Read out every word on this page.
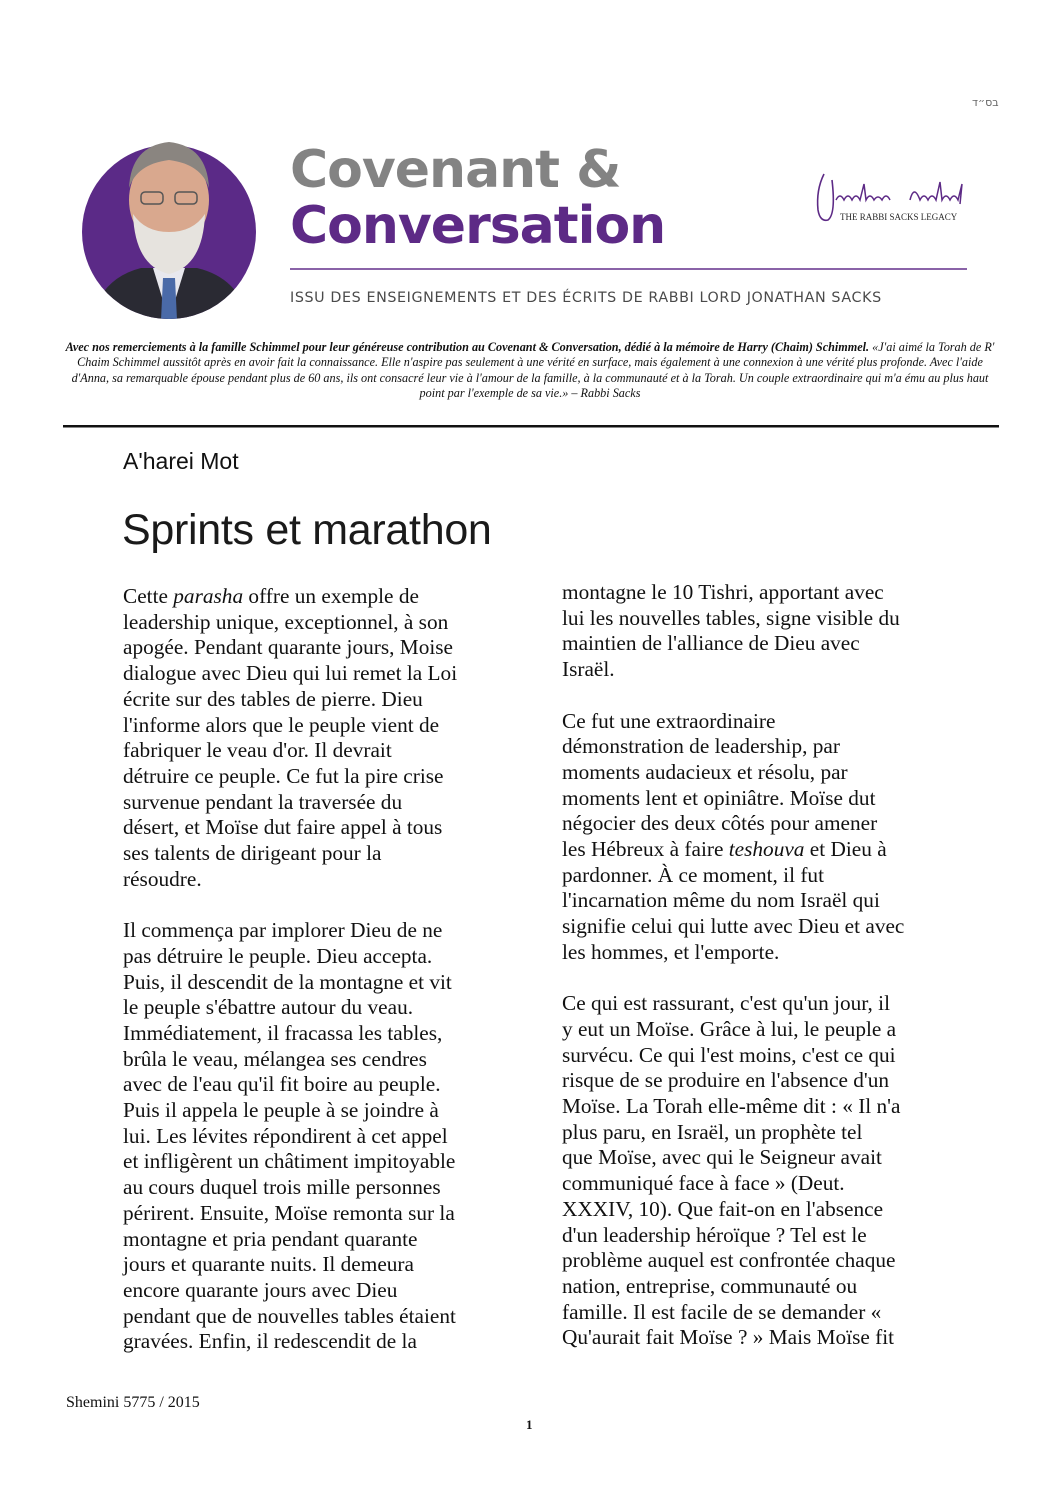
בס״ד
Covenant &
Conversation
ISSU DES ENSEIGNEMENTS ET DES ÉCRITS DE RABBI LORD JONATHAN SACKS
THE RABBI SACKS LEGACY
Avec nos remerciements à la famille Schimmel pour leur généreuse contribution au Covenant & Conversation, dédié à la mémoire de Harry (Chaim) Schimmel. «J'ai aimé la Torah de R' Chaim Schimmel aussitôt après en avoir fait la connaissance. Elle n'aspire pas seulement à une vérité en surface, mais également à une connexion à une vérité plus profonde. Avec l'aide d'Anna, sa remarquable épouse pendant plus de 60 ans, ils ont consacré leur vie à l'amour de la famille, à la communauté et à la Torah. Un couple extraordinaire qui m'a ému au plus haut point par l'exemple de sa vie.» – Rabbi Sacks
A'harei Mot
Sprints et marathon

Cette parasha offre un exemple de
leadership unique, exceptionnel, à son
apogée. Pendant quarante jours, Moise
dialogue avec Dieu qui lui remet la Loi
écrite sur des tables de pierre. Dieu
l'informe alors que le peuple vient de
fabriquer le veau d'or. Il devrait
détruire ce peuple. Ce fut la pire crise
survenue pendant la traversée du
désert, et Moïse dut faire appel à tous
ses talents de dirigeant pour la
résoudre.

Il commença par implorer Dieu de ne
pas détruire le peuple. Dieu accepta.
Puis, il descendit de la montagne et vit
le peuple s'ébattre autour du veau.
Immédiatement, il fracassa les tables,
brûla le veau, mélangea ses cendres
avec de l'eau qu'il fit boire au peuple.
Puis il appela le peuple à se joindre à
lui. Les lévites répondirent à cet appel
et infligèrent un châtiment impitoyable
au cours duquel trois mille personnes
périrent. Ensuite, Moïse remonta sur la
montagne et pria pendant quarante
jours et quarante nuits. Il demeura
encore quarante jours avec Dieu
pendant que de nouvelles tables étaient
gravées. Enfin, il redescendit de la

montagne le 10 Tishri, apportant avec
lui les nouvelles tables, signe visible du
maintien de l'alliance de Dieu avec
Israël.

Ce fut une extraordinaire
démonstration de leadership, par
moments audacieux et résolu, par
moments lent et opiniâtre. Moïse dut
négocier des deux côtés pour amener
les Hébreux à faire teshouva et Dieu à
pardonner. À ce moment, il fut
l'incarnation même du nom Israël qui
signifie celui qui lutte avec Dieu et avec
les hommes, et l'emporte.

Ce qui est rassurant, c'est qu'un jour, il
y eut un Moïse. Grâce à lui, le peuple a
survécu. Ce qui l'est moins, c'est ce qui
risque de se produire en l'absence d'un
Moïse. La Torah elle-même dit : « Il n'a
plus paru, en Israël, un prophète tel
que Moïse, avec qui le Seigneur avait
communiqué face à face » (Deut.
XXXIV, 10). Que fait-on en l'absence
d'un leadership héroïque ? Tel est le
problème auquel est confrontée chaque
nation, entreprise, communauté ou
famille. Il est facile de se demander «
Qu'aurait fait Moïse ? » Mais Moïse fit

Shemini 5775 / 2015
1
